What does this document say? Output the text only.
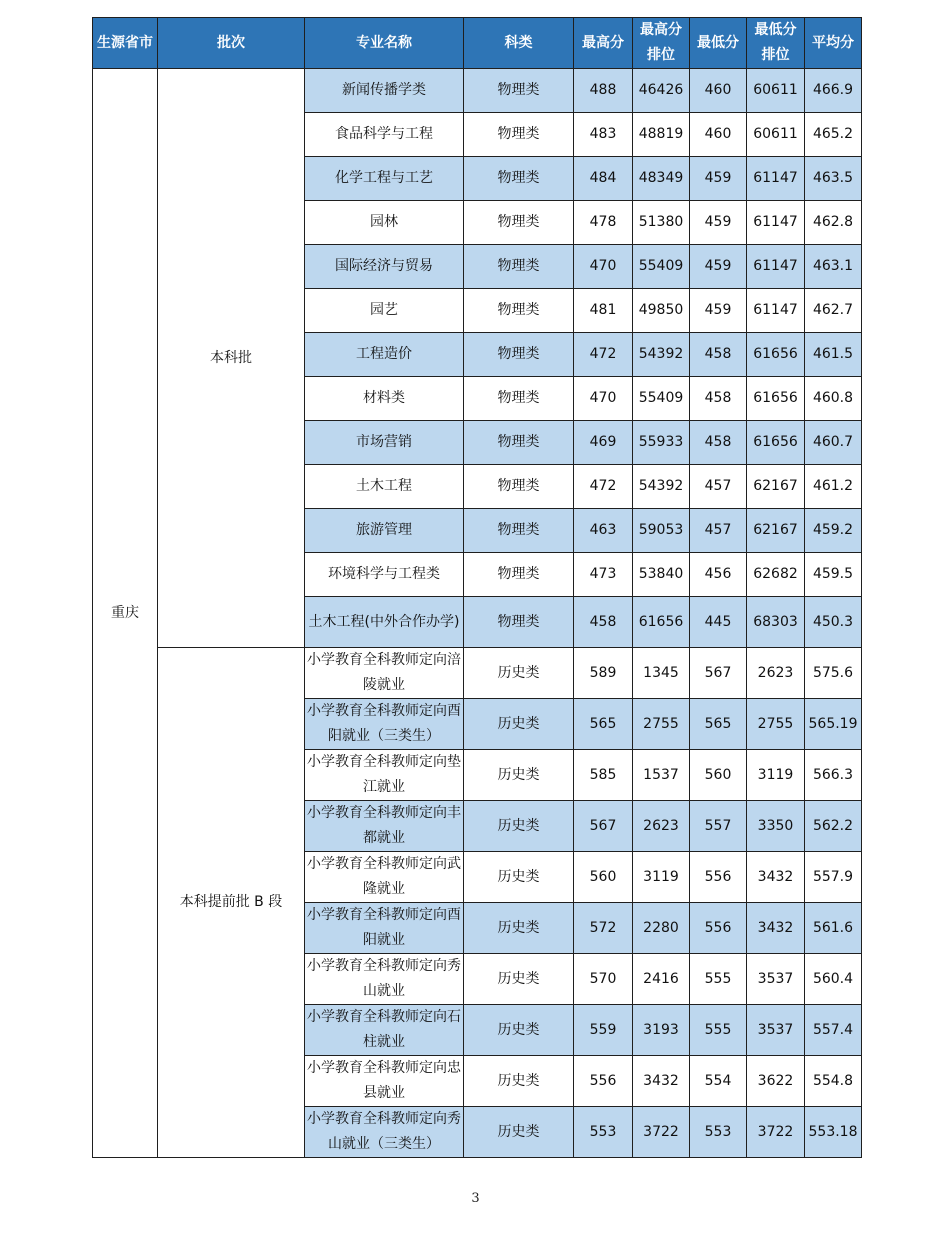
生源省市	批次	专业名称	科类	最高分	最高分排位	最低分	最低分排位	平均分
重庆	本科批	新闻传播学类	物理类	488	46426	460	60611	466.9
		食品科学与工程	物理类	483	48819	460	60611	465.2
		化学工程与工艺	物理类	484	48349	459	61147	463.5
		园林	物理类	478	51380	459	61147	462.8
		国际经济与贸易	物理类	470	55409	459	61147	463.1
		园艺	物理类	481	49850	459	61147	462.7
		工程造价	物理类	472	54392	458	61656	461.5
		材料类	物理类	470	55409	458	61656	460.8
		市场营销	物理类	469	55933	458	61656	460.7
		土木工程	物理类	472	54392	457	62167	461.2
		旅游管理	物理类	463	59053	457	62167	459.2
		环境科学与工程类	物理类	473	53840	456	62682	459.5
		土木工程(中外合作办学)	物理类	458	61656	445	68303	450.3
	本科提前批 B 段	小学教育全科教师定向涪陵就业	历史类	589	1345	567	2623	575.6
		小学教育全科教师定向酉阳就业（三类生）	历史类	565	2755	565	2755	565.19
		小学教育全科教师定向垫江就业	历史类	585	1537	560	3119	566.3
		小学教育全科教师定向丰都就业	历史类	567	2623	557	3350	562.2
		小学教育全科教师定向武隆就业	历史类	560	3119	556	3432	557.9
		小学教育全科教师定向酉阳就业	历史类	572	2280	556	3432	561.6
		小学教育全科教师定向秀山就业	历史类	570	2416	555	3537	560.4
		小学教育全科教师定向石柱就业	历史类	559	3193	555	3537	557.4
		小学教育全科教师定向忠县就业	历史类	556	3432	554	3622	554.8
		小学教育全科教师定向秀山就业（三类生）	历史类	553	3722	553	3722	553.18
3
